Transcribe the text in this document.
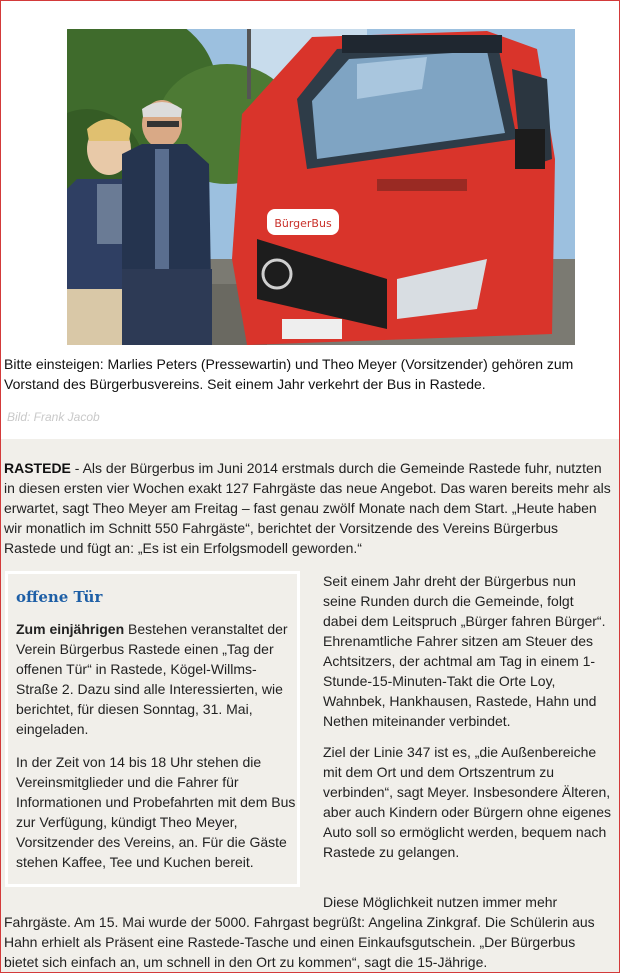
BürgerBus
Bitte einsteigen: Marlies Peters (Pressewartin) und Theo Meyer (Vorsitzender) gehören zum Vorstand des Bürgerbusvereins. Seit einem Jahr verkehrt der Bus in Rastede.
Bild: Frank Jacob
RASTEDE - Als der Bürgerbus im Juni 2014 erstmals durch die Gemeinde Rastede fuhr, nutzten in diesen ersten vier Wochen exakt 127 Fahrgäste das neue Angebot. Das waren bereits mehr als erwartet, sagt Theo Meyer am Freitag – fast genau zwölf Monate nach dem Start. „Heute haben wir monatlich im Schnitt 550 Fahrgäste“, berichtet der Vorsitzende des Vereins Bürgerbus Rastede und fügt an: „Es ist ein Erfolgsmodell geworden.“
offene Tür
Zum einjährigen Bestehen veranstaltet der Verein Bürgerbus Rastede einen „Tag der offenen Tür“ in Rastede, Kögel-Willms-Straße 2. Dazu sind alle Interessierten, wie berichtet, für diesen Sonntag, 31. Mai, eingeladen.
In der Zeit von 14 bis 18 Uhr stehen die Vereinsmitglieder und die Fahrer für Informationen und Probefahrten mit dem Bus zur Verfügung, kündigt Theo Meyer, Vorsitzender des Vereins, an. Für die Gäste stehen Kaffee, Tee und Kuchen bereit.
Seit einem Jahr dreht der Bürgerbus nun seine Runden durch die Gemeinde, folgt dabei dem Leitspruch „Bürger fahren Bürger“. Ehrenamtliche Fahrer sitzen am Steuer des Achtsitzers, der achtmal am Tag in einem 1-Stunde-15-Minuten-Takt die Orte Loy, Wahnbek, Hankhausen, Rastede, Hahn und Nethen miteinander verbindet.
Ziel der Linie 347 ist es, „die Außenbereiche mit dem Ort und dem Ortszentrum zu verbinden“, sagt Meyer. Insbesondere Älteren, aber auch Kindern oder Bürgern ohne eigenes Auto soll so ermöglicht werden, bequem nach Rastede zu gelangen.
Diese Möglichkeit nutzen immer mehr
Fahrgäste. Am 15. Mai wurde der 5000. Fahrgast begrüßt: Angelina Zinkgraf. Die Schülerin aus Hahn erhielt als Präsent eine Rastede-Tasche und einen Einkaufsgutschein. „Der Bürgerbus bietet sich einfach an, um schnell in den Ort zu kommen“, sagt die 15-Jährige.
